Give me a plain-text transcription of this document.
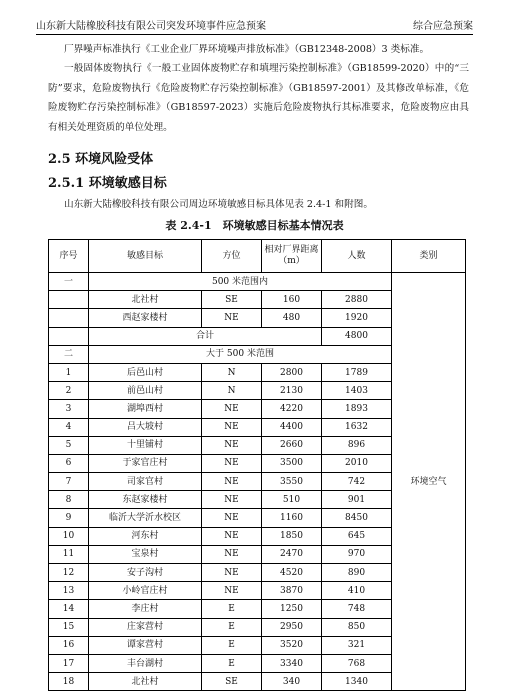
山东新大陆橡胶科技有限公司突发环境事件应急预案	综合应急预案
厂界噪声标准执行《工业企业厂界环境噪声排放标准》（GB12348-2008）3 类标准。
一般固体废物执行《一般工业固体废物贮存和填埋污染控制标准》（GB18599-2020）中的“三防”要求，危险废物执行《危险废物贮存污染控制标准》（GB18597-2001）及其修改单标准，《危险废物贮存污染控制标准》（GB18597-2023）实施后危险废物执行其标准要求，危险废物应由具有相关处理资质的单位处理。
2.5 环境风险受体
2.5.1 环境敏感目标
山东新大陆橡胶科技有限公司周边环境敏感目标具体见表 2.4-1 和附图。
表 2.4-1　环境敏感目标基本情况表
序号	敏感目标	方位	相对厂界距离（m）	人数	类别
一	500 米范围内				环境空气
	北社村	SE	160	2880	
	西赵家楼村	NE	480	1920	
	合计			4800	
二	大于 500 米范围				
1	后邑山村	N	2800	1789	
2	前邑山村	N	2130	1403	
3	湖埠西村	NE	4220	1893	
4	吕大坡村	NE	4400	1632	
5	十里铺村	NE	2660	896	
6	于家官庄村	NE	3500	2010	
7	司家官村	NE	3550	742	
8	东赵家楼村	NE	510	901	
9	临沂大学沂水校区	NE	1160	8450	
10	河东村	NE	1850	645	
11	宝泉村	NE	2470	970	
12	安子沟村	NE	4520	890	
13	小岭官庄村	NE	3870	410	
14	李庄村	E	1250	748	
15	庄家营村	E	2950	850	
16	谭家营村	E	3520	321	
17	丰台湖村	E	3340	768	
18	北社村	SE	340	1340	
